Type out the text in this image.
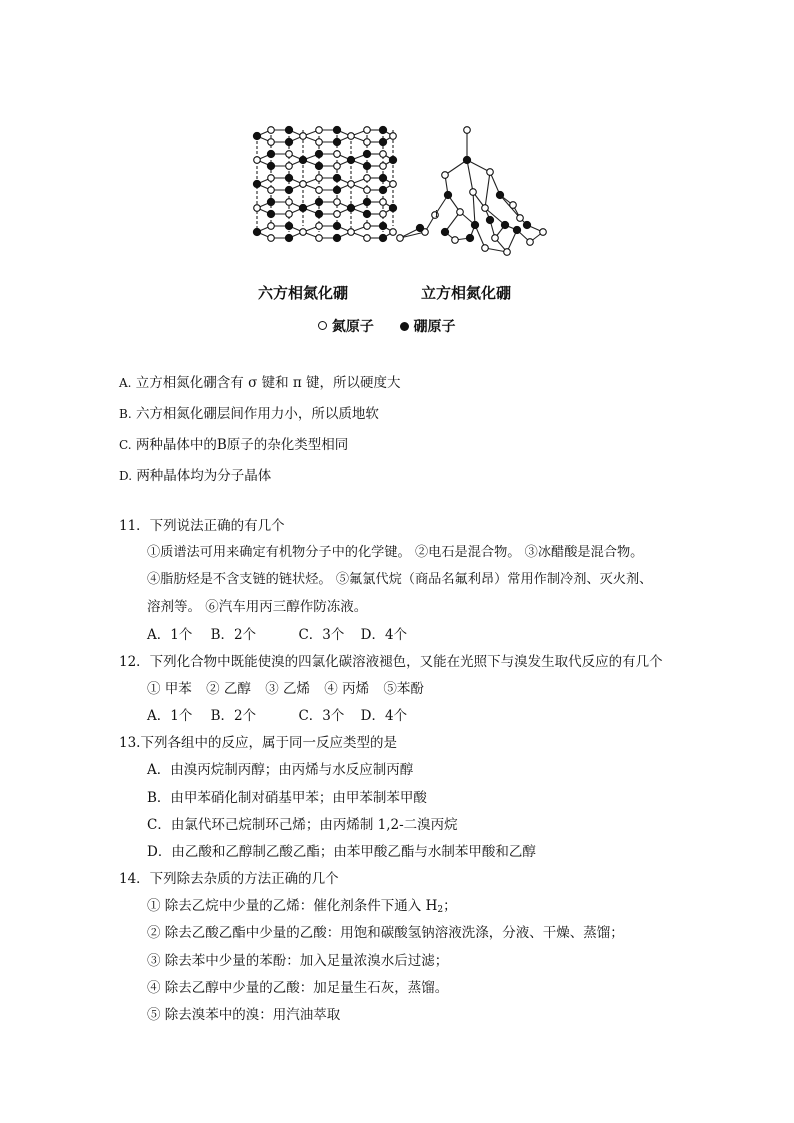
i
六方相氮化硼	立方相氮化硼
氮原子	硼原子
A. 立方相氮化硼含有 σ 键和 π 键，所以硬度大
B. 六方相氮化硼层间作用力小，所以质地软
C. 两种晶体中的B原子的杂化类型相同
D. 两种晶体均为分子晶体
11．下列说法正确的有几个
①质谱法可用来确定有机物分子中的化学键。 ②电石是混合物。 ③冰醋酸是混合物。
④脂肪烃是不含支链的链状烃。 ⑤氟氯代烷（商品名氟利昂）常用作制冷剂、灭火剂、
溶剂等。 ⑥汽车用丙三醇作防冻液。
A．1个 B．2个	C．3个 D．4个
12．下列化合物中既能使溴的四氯化碳溶液褪色，又能在光照下与溴发生取代反应的有几个
① 甲苯 ② 乙醇 ③ 乙烯 ④ 丙烯 ⑤苯酚
A．1个 B．2个	C．3个 D．4个
13.下列各组中的反应，属于同一反应类型的是
A．由溴丙烷制丙醇；由丙烯与水反应制丙醇
B．由甲苯硝化制对硝基甲苯；由甲苯制苯甲酸
C．由氯代环己烷制环己烯；由丙烯制 1,2-二溴丙烷
D．由乙酸和乙醇制乙酸乙酯；由苯甲酸乙酯与水制苯甲酸和乙醇
14．下列除去杂质的方法正确的几个
① 除去乙烷中少量的乙烯：催化剂条件下通入 $H_2$；
② 除去乙酸乙酯中少量的乙酸：用饱和碳酸氢钠溶液洗涤，分液、干燥、蒸馏；
③ 除去苯中少量的苯酚：加入足量浓溴水后过滤；
④ 除去乙醇中少量的乙酸：加足量生石灰，蒸馏。
⑤ 除去溴苯中的溴：用汽油萃取
